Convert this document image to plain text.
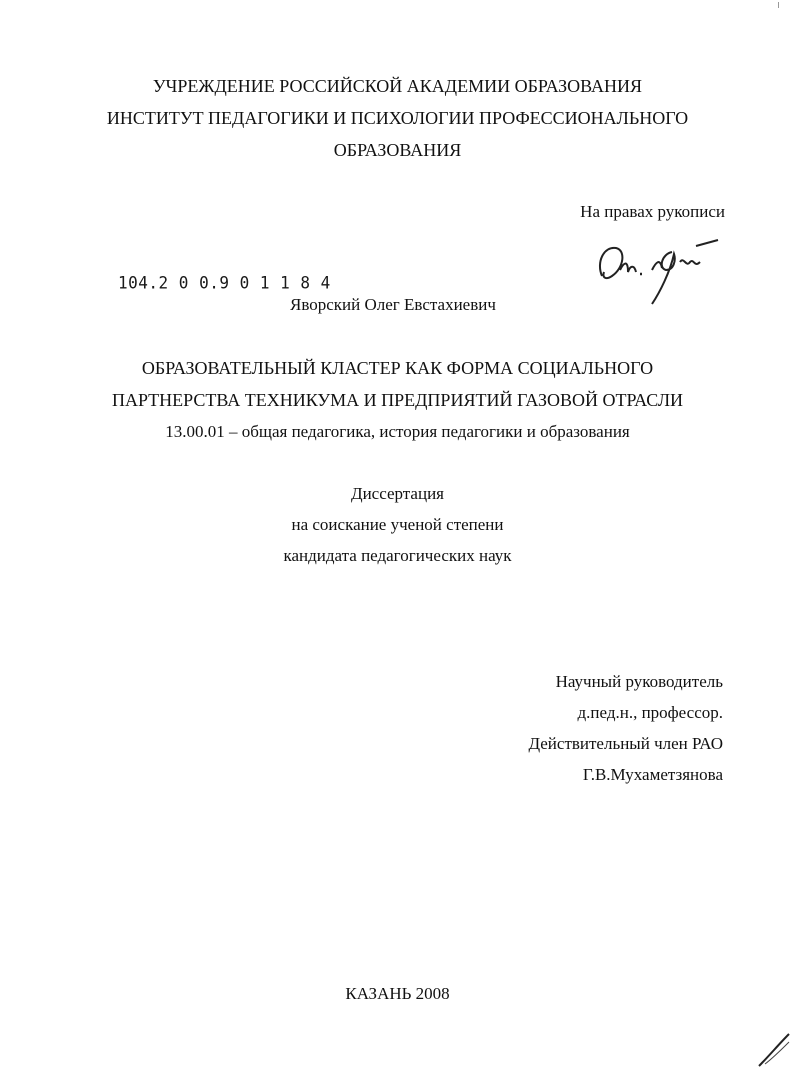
УЧРЕЖДЕНИЕ РОССИЙСКОЙ АКАДЕМИИ ОБРАЗОВАНИЯ
ИНСТИТУТ ПЕДАГОГИКИ И ПСИХОЛОГИИ ПРОФЕССИОНАЛЬНОГО
ОБРАЗОВАНИЯ
На правах рукописи
104.2 0 0.9 0 1 1 8 4
Яворский Олег Евстахиевич
ОБРАЗОВАТЕЛЬНЫЙ КЛАСТЕР КАК ФОРМА СОЦИАЛЬНОГО
ПАРТНЕРСТВА ТЕХНИКУМА И ПРЕДПРИЯТИЙ ГАЗОВОЙ ОТРАСЛИ
13.00.01 – общая педагогика, история педагогики и образования
Диссертация
на соискание ученой степени
кандидата педагогических наук
Научный руководитель
д.пед.н., профессор.
Действительный член РАО
Г.В.Мухаметзянова
КАЗАНЬ 2008
